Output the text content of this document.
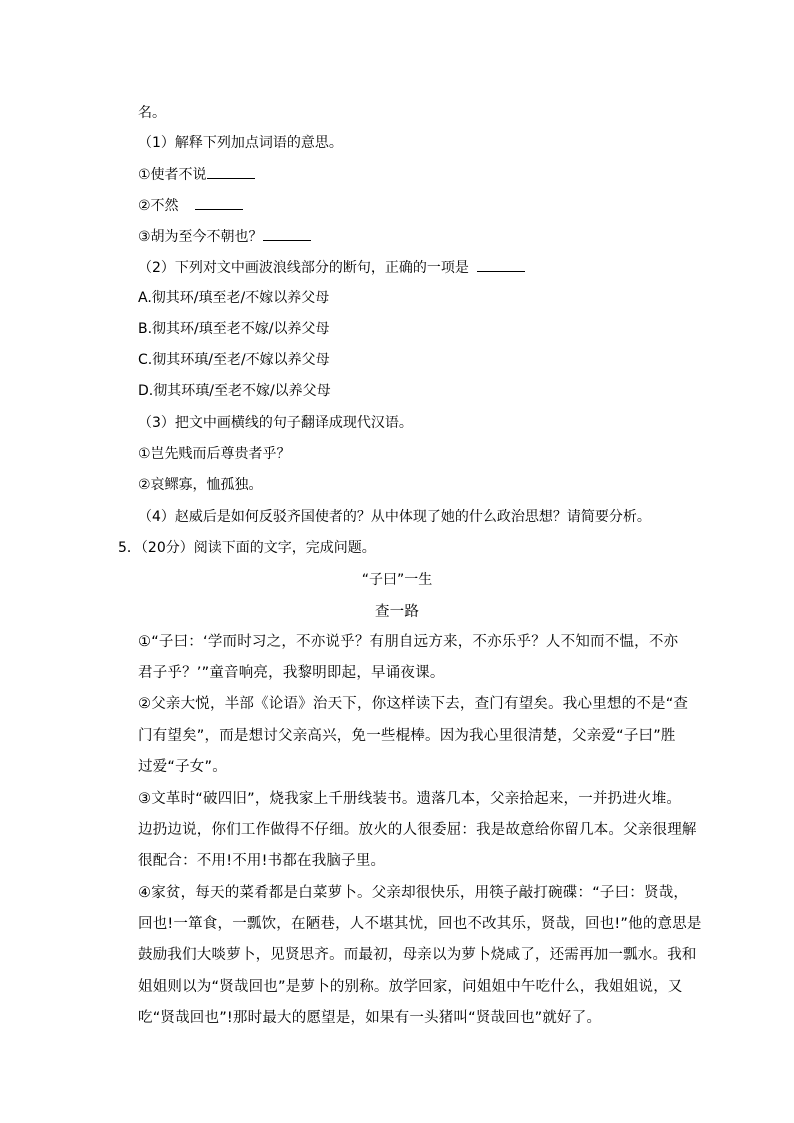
名。
（1）解释下列加点词语的意思。
①使者不说
②不然
③胡为至今不朝也？
（2）下列对文中画波浪线部分的断句，正确的一项是
A.彻其环/瑱至老/不嫁以养父母
B.彻其环/瑱至老不嫁/以养父母
C.彻其环瑱/至老/不嫁以养父母
D.彻其环瑱/至老不嫁/以养父母
（3）把文中画横线的句子翻译成现代汉语。
①岂先贱而后尊贵者乎？
②哀鳏寡，恤孤独。
（4）赵威后是如何反驳齐国使者的？从中体现了她的什么政治思想？请简要分析。
5．（20分）阅读下面的文字，完成问题。
“子曰”一生
查一路
①“子曰：‘学而时习之，不亦说乎？有朋自远方来，不亦乐乎？人不知而不愠，不亦
君子乎？’”童音响亮，我黎明即起，早诵夜课。
②父亲大悦，半部《论语》治天下，你这样读下去，查门有望矣。我心里想的不是“查
门有望矣”，而是想讨父亲高兴，免一些棍棒。因为我心里很清楚，父亲爱“子曰”胜
过爱“子女”。
③文革时“破四旧”，烧我家上千册线装书。遗落几本，父亲拾起来，一并扔进火堆。
边扔边说，你们工作做得不仔细。放火的人很委屈：我是故意给你留几本。父亲很理解
很配合：不用!不用!书都在我脑子里。
④家贫，每天的菜肴都是白菜萝卜。父亲却很快乐，用筷子敲打碗碟：“子曰：贤哉，
回也!一箪食，一瓢饮，在陋巷，人不堪其忧，回也不改其乐，贤哉，回也!”他的意思是
鼓励我们大啖萝卜，见贤思齐。而最初，母亲以为萝卜烧咸了，还需再加一瓢水。我和
姐姐则以为“贤哉回也”是萝卜的别称。放学回家，问姐姐中午吃什么，我姐姐说，又
吃“贤哉回也”!那时最大的愿望是，如果有一头猪叫“贤哉回也”就好了。
